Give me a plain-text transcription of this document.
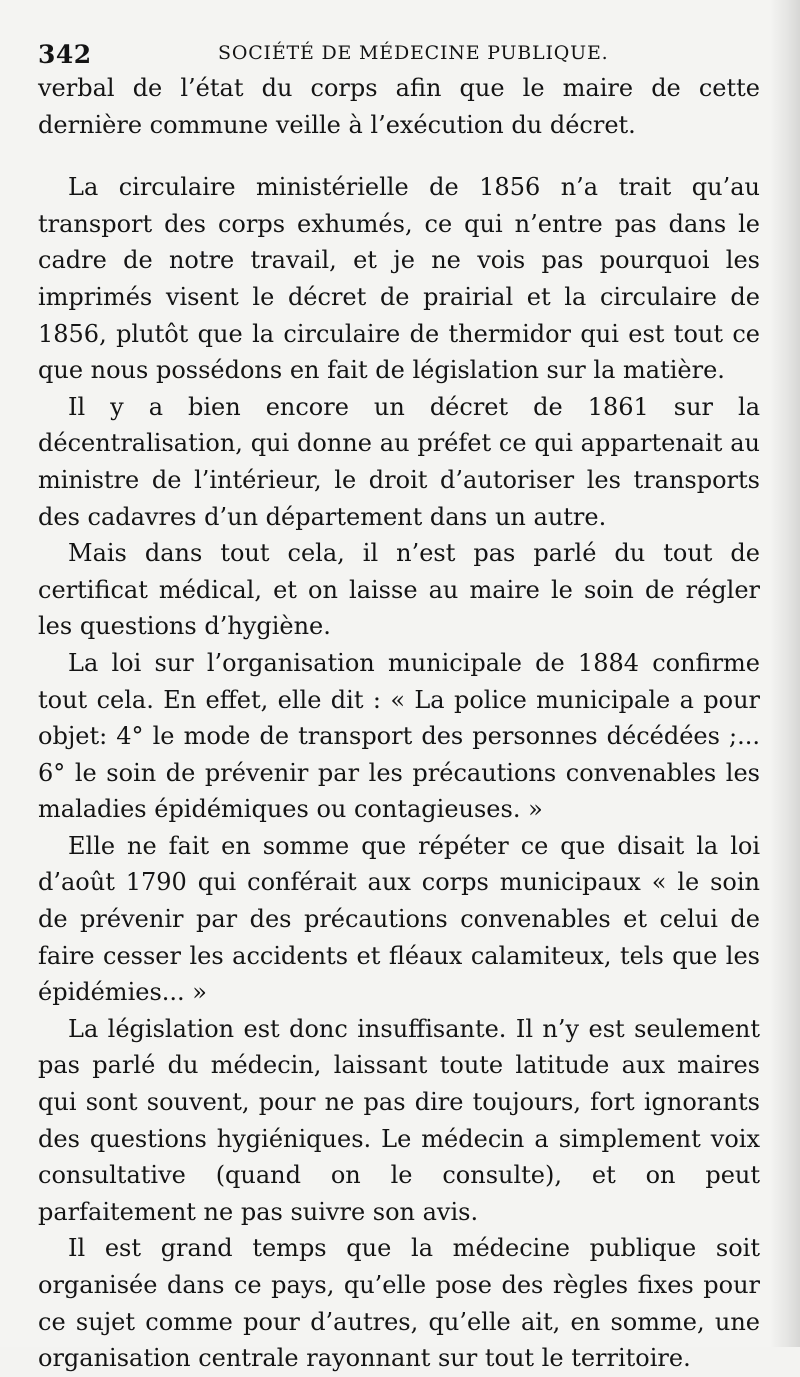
342	SOCIÉTÉ DE MÉDECINE PUBLIQUE.

verbal de l’état du corps afin que le maire de cette dernière commune veille à l’exécution du décret.

La circulaire ministérielle de 1856 n’a trait qu’au transport des corps exhumés, ce qui n’entre pas dans le cadre de notre travail, et je ne vois pas pourquoi les imprimés visent le décret de prairial et la circulaire de 1856, plutôt que la circulaire de thermidor qui est tout ce que nous possédons en fait de législation sur la matière.

Il y a bien encore un décret de 1861 sur la décentralisation, qui donne au préfet ce qui appartenait au ministre de l’intérieur, le droit d’autoriser les transports des cadavres d’un département dans un autre.

Mais dans tout cela, il n’est pas parlé du tout de certificat médical, et on laisse au maire le soin de régler les questions d’hygiène.

La loi sur l’organisation municipale de 1884 confirme tout cela. En effet, elle dit : « La police municipale a pour objet: 4° le mode de transport des personnes décédées ;... 6° le soin de prévenir par les précautions convenables les maladies épidémiques ou contagieuses. »

Elle ne fait en somme que répéter ce que disait la loi d’août 1790 qui conférait aux corps municipaux « le soin de prévenir par des précautions convenables et celui de faire cesser les accidents et fléaux calamiteux, tels que les épidémies... »

La législation est donc insuffisante. Il n’y est seulement pas parlé du médecin, laissant toute latitude aux maires qui sont souvent, pour ne pas dire toujours, fort ignorants des questions hygiéniques. Le médecin a simplement voix consultative (quand on le consulte), et on peut parfaitement ne pas suivre son avis.

Il est grand temps que la médecine publique soit organisée dans ce pays, qu’elle pose des règles fixes pour ce sujet comme pour d’autres, qu’elle ait, en somme, une organisation centrale rayonnant sur tout le territoire.
